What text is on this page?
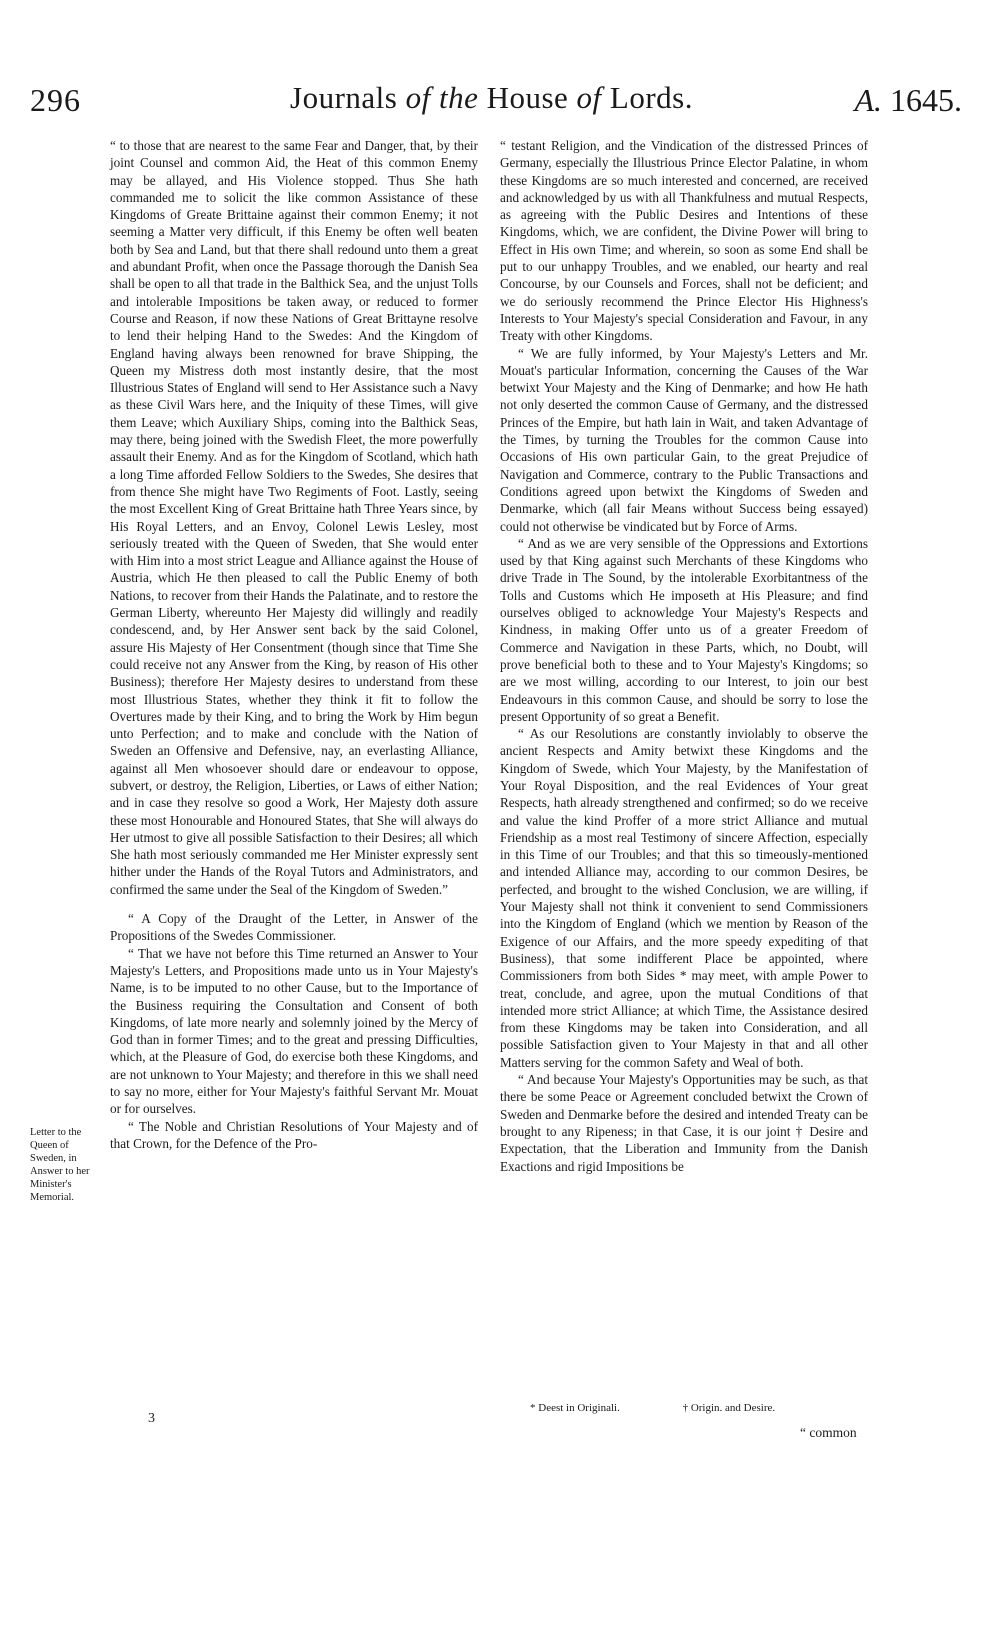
296	Journals of the House of Lords.	A. 1645.

“ to those that are nearest to the same Fear and Danger, that, by their joint Counsel and common Aid, the Heat of this common Enemy may be allayed, and His Violence stopped. Thus She hath commanded me to solicit the like common Assistance of these Kingdoms of Greate Brittaine against their common Enemy; it not seeming a Matter very difficult, if this Enemy be often well beaten both by Sea and Land, but that there shall redound unto them a great and abundant Profit, when once the Passage thorough the Danish Sea shall be open to all that trade in the Balthick Sea, and the unjust Tolls and intolerable Impositions be taken away, or reduced to former Course and Reason, if now these Nations of Great Brittayne resolve to lend their helping Hand to the Swedes: And the Kingdom of England having always been renowned for brave Shipping, the Queen my Mistress doth most instantly desire, that the most Illustrious States of England will send to Her Assistance such a Navy as these Civil Wars here, and the Iniquity of these Times, will give them Leave; which Auxiliary Ships, coming into the Balthick Seas, may there, being joined with the Swedish Fleet, the more powerfully assault their Enemy. And as for the Kingdom of Scotland, which hath a long Time afforded Fellow Soldiers to the Swedes, She desires that from thence She might have Two Regiments of Foot. Lastly, seeing the most Excellent King of Great Brittaine hath Three Years since, by His Royal Letters, and an Envoy, Colonel Lewis Lesley, most seriously treated with the Queen of Sweden, that She would enter with Him into a most strict League and Alliance against the House of Austria, which He then pleased to call the Public Enemy of both Nations, to recover from their Hands the Palatinate, and to restore the German Liberty, whereunto Her Majesty did willingly and readily condescend, and, by Her Answer sent back by the said Colonel, assure His Majesty of Her Consentment (though since that Time She could receive not any Answer from the King, by reason of His other Business); therefore Her Majesty desires to understand from these most Illustrious States, whether they think it fit to follow the Overtures made by their King, and to bring the Work by Him begun unto Perfection; and to make and conclude with the Nation of Sweden an Offensive and Defensive, nay, an everlasting Alliance, against all Men whosoever should dare or endeavour to oppose, subvert, or destroy, the Religion, Liberties, or Laws of either Nation; and in case they resolve so good a Work, Her Majesty doth assure these most Honourable and Honoured States, that She will always do Her utmost to give all possible Satisfaction to their Desires; all which She hath most seriously commanded me Her Minister expressly sent hither under the Hands of the Royal Tutors and Administrators, and confirmed the same under the Seal of the Kingdom of Sweden.”

“ A Copy of the Draught of the Letter, in Answer of the Propositions of the Swedes Commissioner.

“ That we have not before this Time returned an Answer to Your Majesty's Letters, and Propositions made unto us in Your Majesty's Name, is to be imputed to no other Cause, but to the Importance of the Business requiring the Consultation and Consent of both Kingdoms, of late more nearly and solemnly joined by the Mercy of God than in former Times; and to the great and pressing Difficulties, which, at the Pleasure of God, do exercise both these Kingdoms, and are not unknown to Your Majesty; and therefore in this we shall need to say no more, either for Your Majesty's faithful Servant Mr. Mouat or for ourselves.

“ The Noble and Christian Resolutions of Your Majesty and of that Crown, for the Defence of the Pro-

Letter to the Queen of Sweden, in Answer to her Minister's Memorial.
3

“ testant Religion, and the Vindication of the distressed Princes of Germany, especially the Illustrious Prince Elector Palatine, in whom these Kingdoms are so much interested and concerned, are received and acknowledged by us with all Thankfulness and mutual Respects, as agreeing with the Public Desires and Intentions of these Kingdoms, which, we are confident, the Divine Power will bring to Effect in His own Time; and wherein, so soon as some End shall be put to our unhappy Troubles, and we enabled, our hearty and real Concourse, by our Counsels and Forces, shall not be deficient; and we do seriously recommend the Prince Elector His Highness's Interests to Your Majesty's special Consideration and Favour, in any Treaty with other Kingdoms.

“ We are fully informed, by Your Majesty's Letters and Mr. Mouat's particular Information, concerning the Causes of the War betwixt Your Majesty and the King of Denmarke; and how He hath not only deserted the common Cause of Germany, and the distressed Princes of the Empire, but hath lain in Wait, and taken Advantage of the Times, by turning the Troubles for the common Cause into Occasions of His own particular Gain, to the great Prejudice of Navigation and Commerce, contrary to the Public Transactions and Conditions agreed upon betwixt the Kingdoms of Sweden and Denmarke, which (all fair Means without Success being essayed) could not otherwise be vindicated but by Force of Arms.

“ And as we are very sensible of the Oppressions and Extortions used by that King against such Merchants of these Kingdoms who drive Trade in The Sound, by the intolerable Exorbitantness of the Tolls and Customs which He imposeth at His Pleasure; and find ourselves obliged to acknowledge Your Majesty's Respects and Kindness, in making Offer unto us of a greater Freedom of Commerce and Navigation in these Parts, which, no Doubt, will prove beneficial both to these and to Your Majesty's Kingdoms; so are we most willing, according to our Interest, to join our best Endeavours in this common Cause, and should be sorry to lose the present Opportunity of so great a Benefit.

“ As our Resolutions are constantly inviolably to observe the ancient Respects and Amity betwixt these Kingdoms and the Kingdom of Swede, which Your Majesty, by the Manifestation of Your Royal Disposition, and the real Evidences of Your great Respects, hath already strengthened and confirmed; so do we receive and value the kind Proffer of a more strict Alliance and mutual Friendship as a most real Testimony of sincere Affection, especially in this Time of our Troubles; and that this so timeously-mentioned and intended Alliance may, according to our common Desires, be perfected, and brought to the wished Conclusion, we are willing, if Your Majesty shall not think it convenient to send Commissioners into the Kingdom of England (which we mention by Reason of the Exigence of our Affairs, and the more speedy expediting of that Business), that some indifferent Place be appointed, where Commissioners from both Sides * may meet, with ample Power to treat, conclude, and agree, upon the mutual Conditions of that intended more strict Alliance; at which Time, the Assistance desired from these Kingdoms may be taken into Consideration, and all possible Satisfaction given to Your Majesty in that and all other Matters serving for the common Safety and Weal of both.

“ And because Your Majesty's Opportunities may be such, as that there be some Peace or Agreement concluded betwixt the Crown of Sweden and Denmarke before the desired and intended Treaty can be brought to any Ripeness; in that Case, it is our joint † Desire and Expectation, that the Liberation and Immunity from the Danish Exactions and rigid Impositions be

* Deest in Originali.	† Origin. and Desire.
“ common
